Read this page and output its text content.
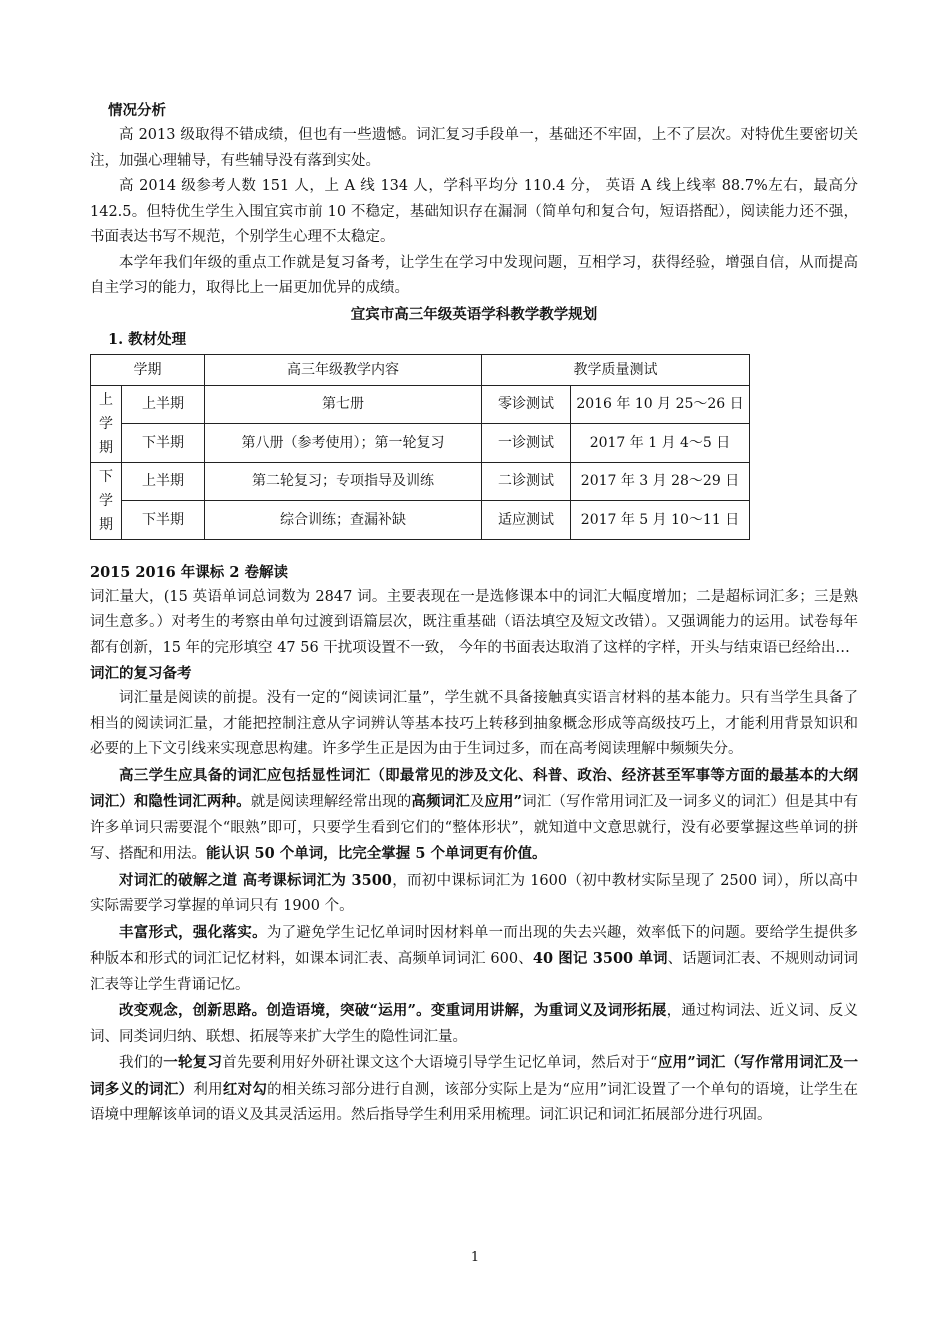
情况分析

高 2013 级取得不错成绩，但也有一些遗憾。词汇复习手段单一，基础还不牢固，上不了层次。对特优生要密切关注，加强心理辅导，有些辅导没有落到实处。

高 2014 级参考人数 151 人，上 A 线 134 人，学科平均分 110.4 分， 英语 A 线上线率 88.7%左右，最高分 142.5。但特优生学生入围宜宾市前 10 不稳定，基础知识存在漏洞（简单句和复合句，短语搭配），阅读能力还不强，书面表达书写不规范，个别学生心理不太稳定。

本学年我们年级的重点工作就是复习备考，让学生在学习中发现问题，互相学习，获得经验，增强自信，从而提高自主学习的能力，取得比上一届更加优异的成绩。

宜宾市高三年级英语学科教学教学规划

1. 教材处理

学期		高三年级教学内容	教学质量测试	
上学期	上半期	第七册	零诊测试	2016 年 10 月 25～26 日
	下半期	第八册（参考使用）；第一轮复习	一诊测试	2017 年 1 月 4～5 日
下学期	上半期	第二轮复习；专项指导及训练	二诊测试	2017 年 3 月 28～29 日
	下半期	综合训练；查漏补缺	适应测试	2017 年 5 月 10～11 日

2015 2016 年课标 2 卷解读

词汇量大，(15 英语单词总词数为 2847 词。主要表现在一是选修课本中的词汇大幅度增加；二是超标词汇多；三是熟词生意多。）对考生的考察由单句过渡到语篇层次，既注重基础（语法填空及短文改错）。又强调能力的运用。试卷每年都有创新，15 年的完形填空 47 56 干扰项设置不一致， 今年的书面表达取消了这样的字样，开头与结束语已经给出…

词汇的复习备考

词汇量是阅读的前提。没有一定的“阅读词汇量”，学生就不具备接触真实语言材料的基本能力。只有当学生具备了相当的阅读词汇量，才能把控制注意从字词辨认等基本技巧上转移到抽象概念形成等高级技巧上，才能利用背景知识和必要的上下文引线来实现意思构建。许多学生正是因为由于生词过多，而在高考阅读理解中频频失分。

高三学生应具备的词汇应包括显性词汇（即最常见的涉及文化、科普、政治、经济甚至军事等方面的最基本的大纲词汇）和隐性词汇两种。就是阅读理解经常出现的高频词汇及应用”词汇（写作常用词汇及一词多义的词汇）但是其中有许多单词只需要混个“眼熟”即可，只要学生看到它们的“整体形状”，就知道中文意思就行，没有必要掌握这些单词的拼写、搭配和用法。能认识 50 个单词，比完全掌握 5 个单词更有价值。

对词汇的破解之道 高考课标词汇为 3500，而初中课标词汇为 1600（初中教材实际呈现了 2500 词），所以高中实际需要学习掌握的单词只有 1900 个。

丰富形式，强化落实。为了避免学生记忆单词时因材料单一而出现的失去兴趣，效率低下的问题。要给学生提供多种版本和形式的词汇记忆材料，如课本词汇表、高频单词词汇 600、40 图记 3500 单词、话题词汇表、不规则动词词汇表等让学生背诵记忆。

改变观念，创新思路。创造语境，突破“运用”。变重词用讲解，为重词义及词形拓展，通过构词法、近义词、反义词、同类词归纳、联想、拓展等来扩大学生的隐性词汇量。

我们的一轮复习首先要利用好外研社课文这个大语境引导学生记忆单词，然后对于“应用”词汇（写作常用词汇及一词多义的词汇）利用红对勾的相关练习部分进行自测，该部分实际上是为“应用”词汇设置了一个单句的语境，让学生在语境中理解该单词的语义及其灵活运用。然后指导学生利用采用梳理。词汇识记和词汇拓展部分进行巩固。

1
